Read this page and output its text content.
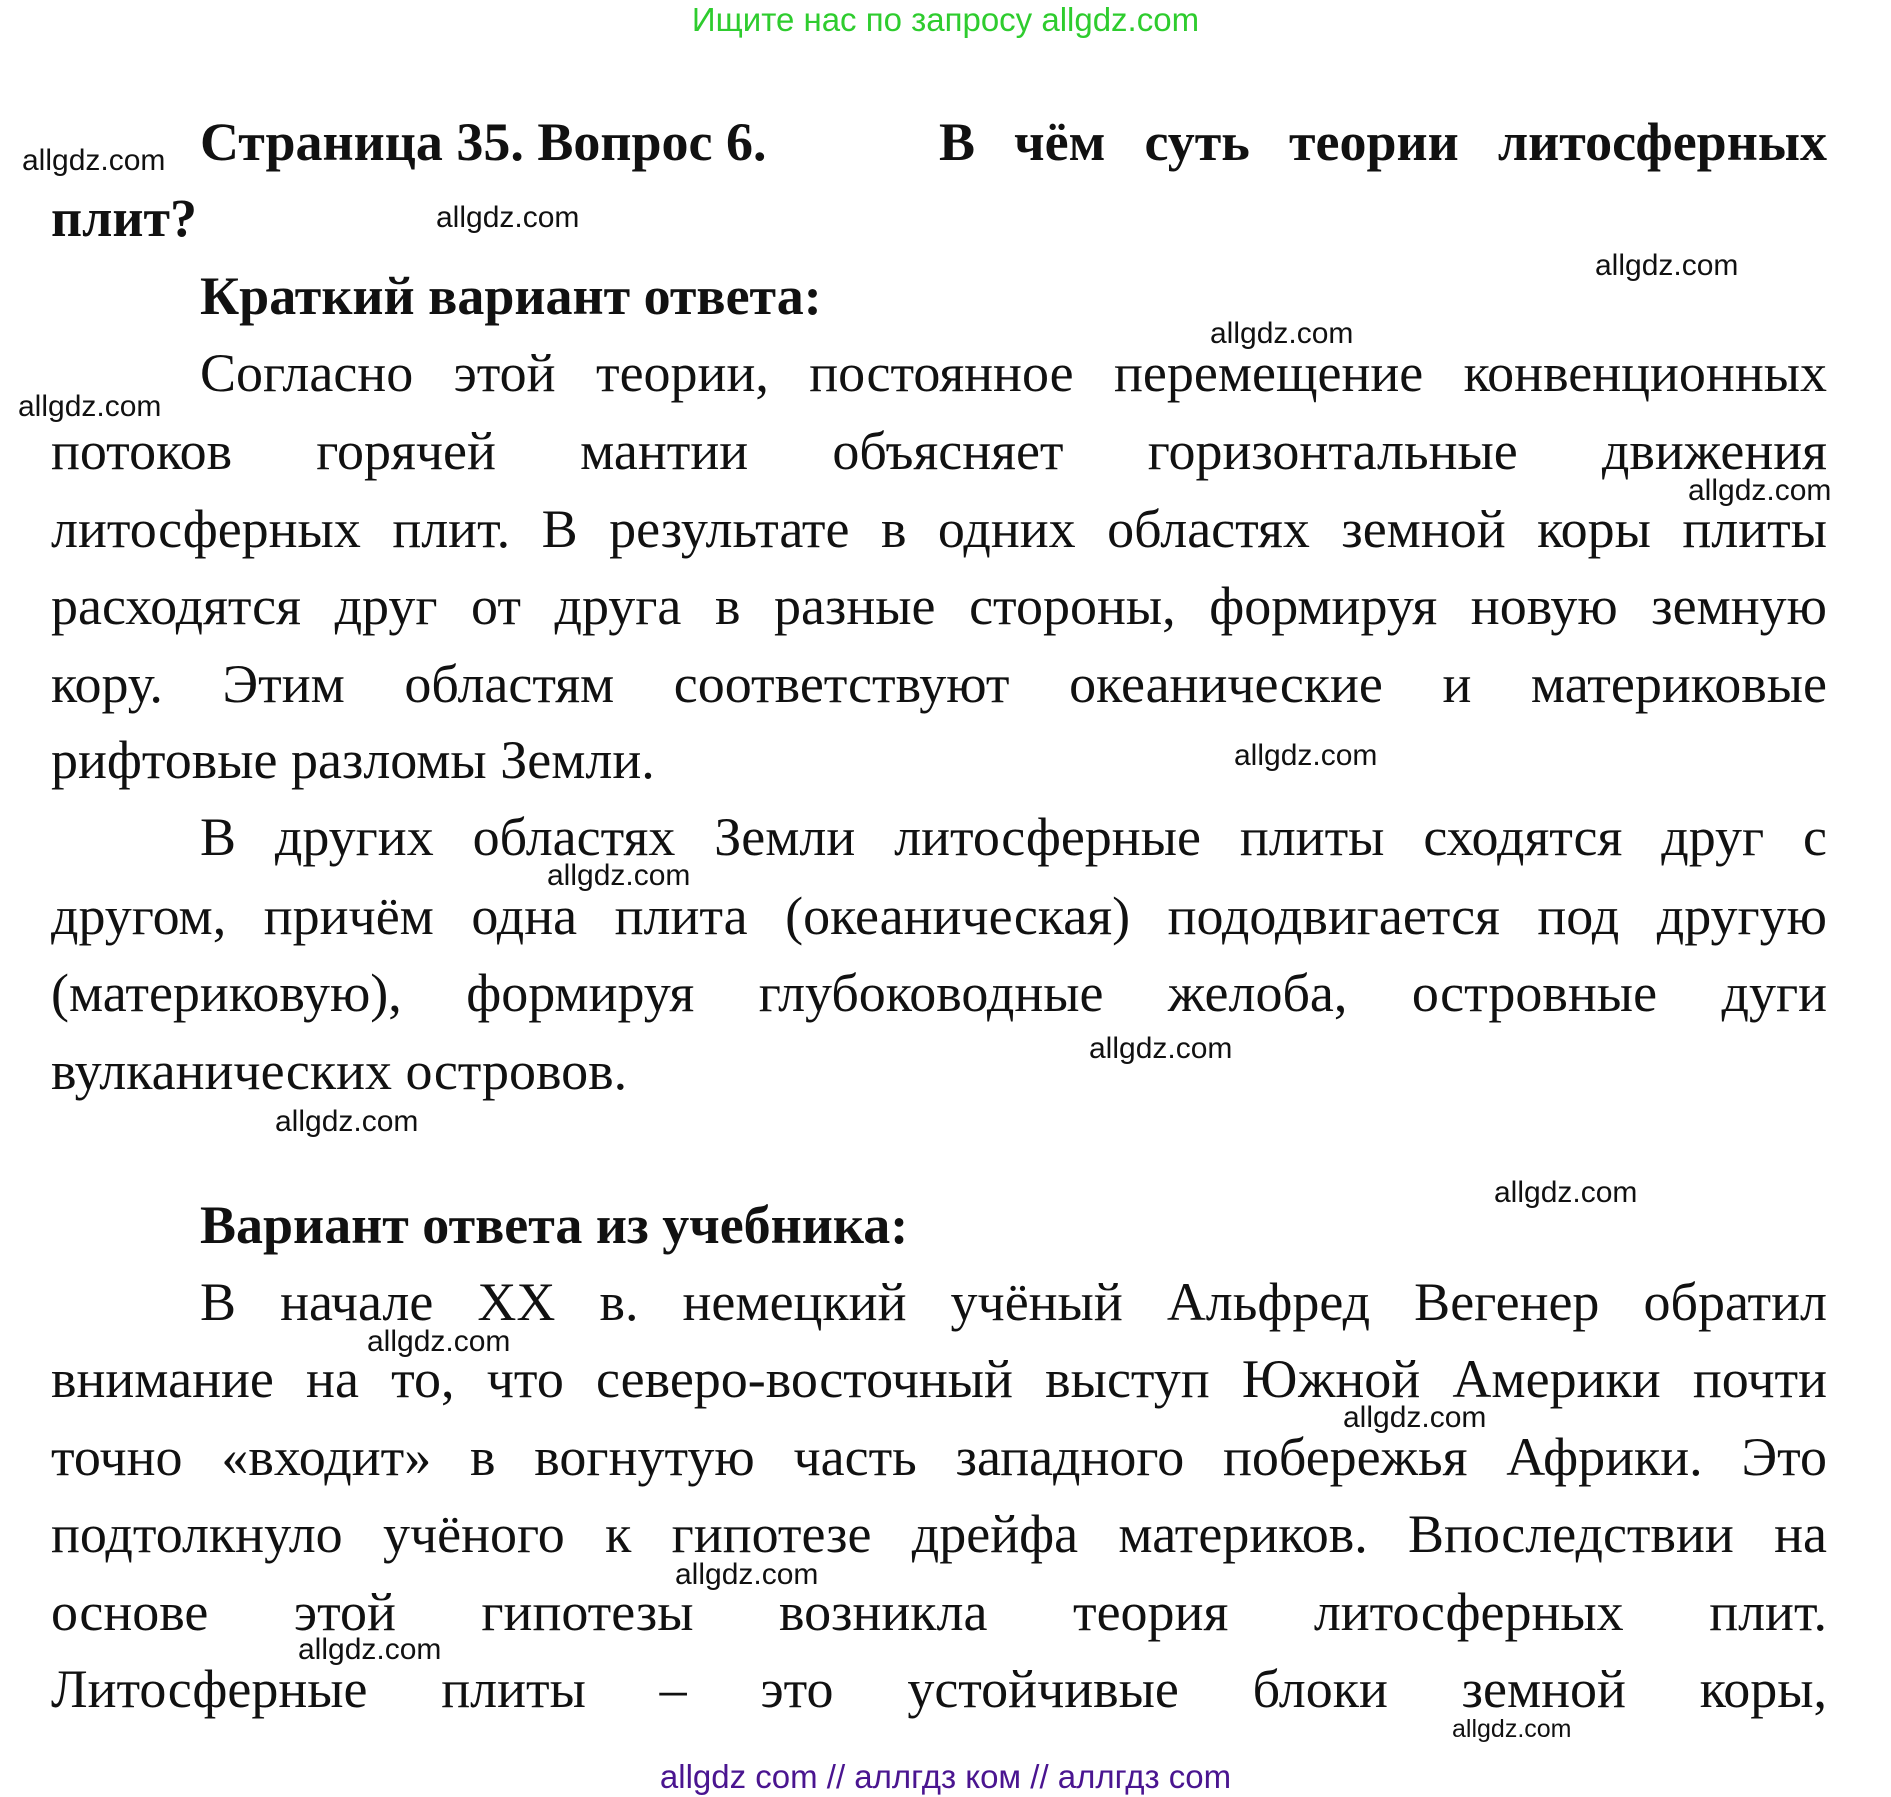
Ищите нас по запросу allgdz.com
Страница 35. Вопрос 6.	В чём суть теории литосферных
плит?
Краткий вариант ответа:
Согласно этой теории, постоянное перемещение конвенционных
потоков горячей мантии объясняет горизонтальные движения
литосферных плит. В результате в одних областях земной коры плиты
расходятся друг от друга в разные стороны, формируя новую земную
кору. Этим областям соответствуют океанические и материковые
рифтовые разломы Земли.
В других областях Земли литосферные плиты сходятся друг с
другом, причём одна плита (океаническая) пододвигается под другую
(материковую), формируя глубоководные желоба, островные дуги
вулканических островов.
Вариант ответа из учебника:
В начале XX в. немецкий учёный Альфред Вегенер обратил
внимание на то, что северо-восточный выступ Южной Америки почти
точно «входит» в вогнутую часть западного побережья Африки. Это
подтолкнуло учёного к гипотезе дрейфа материков. Впоследствии на
основе этой гипотезы возникла теория литосферных плит.
Литосферные плиты – это устойчивые блоки земной коры,
allgdz.com
allgdz.com
allgdz.com
allgdz.com
allgdz.com
allgdz.com
allgdz.com
allgdz.com
allgdz.com
allgdz.com
allgdz.com
allgdz.com
allgdz.com
allgdz.com
allgdz.com
allgdz.com
allgdz com // аллгдз ком // аллгдз com
